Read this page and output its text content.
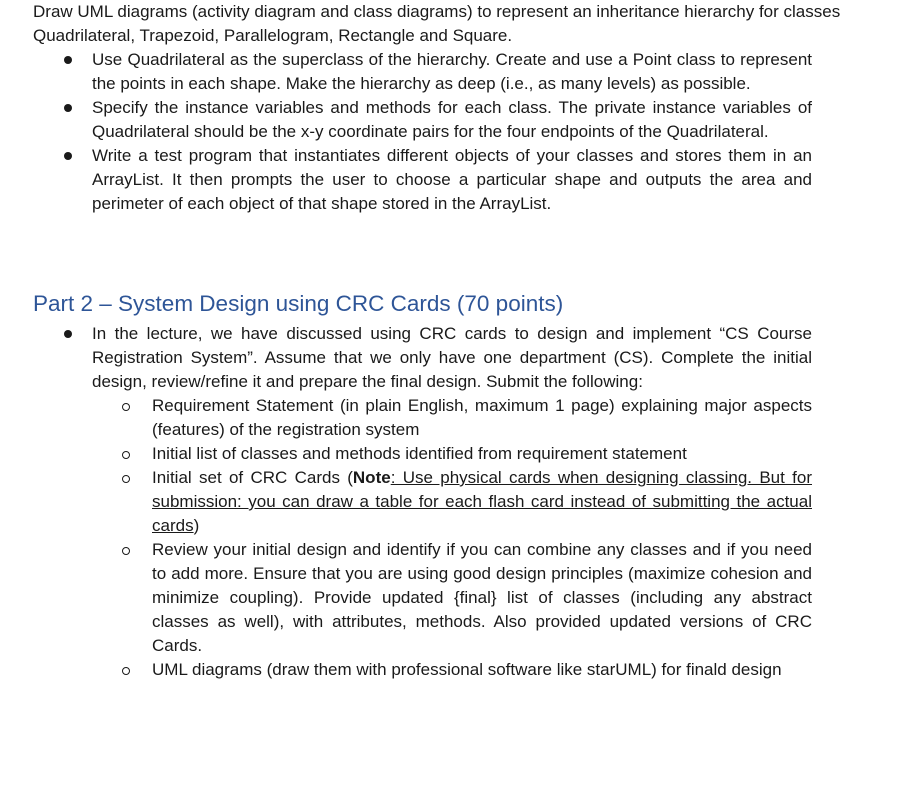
Draw UML diagrams (activity diagram and class diagrams) to represent an inheritance hierarchy for classes Quadrilateral, Trapezoid, Parallelogram, Rectangle and Square.
Use Quadrilateral as the superclass of the hierarchy. Create and use a Point class to represent the points in each shape. Make the hierarchy as deep (i.e., as many levels) as possible.
Specify the instance variables and methods for each class. The private instance variables of Quadrilateral should be the x-y coordinate pairs for the four endpoints of the Quadrilateral.
Write a test program that instantiates different objects of your classes and stores them in an ArrayList. It then prompts the user to choose a particular shape and outputs the area and perimeter of each object of that shape stored in the ArrayList.
Part 2 – System Design using CRC Cards (70 points)
In the lecture, we have discussed using CRC cards to design and implement “CS Course Registration System”. Assume that we only have one department (CS). Complete the initial design, review/refine it and prepare the final design. Submit the following:
Requirement Statement (in plain English, maximum 1 page) explaining major aspects (features) of the registration system
Initial list of classes and methods identified from requirement statement
Initial set of CRC Cards (Note: Use physical cards when designing classing. But for submission: you can draw a table for each flash card instead of submitting the actual cards)
Review your initial design and identify if you can combine any classes and if you need to add more. Ensure that you are using good design principles (maximize cohesion and minimize coupling). Provide updated {final} list of classes (including any abstract classes as well), with attributes, methods. Also provided updated versions of CRC Cards.
UML diagrams (draw them with professional software like starUML) for finald design
